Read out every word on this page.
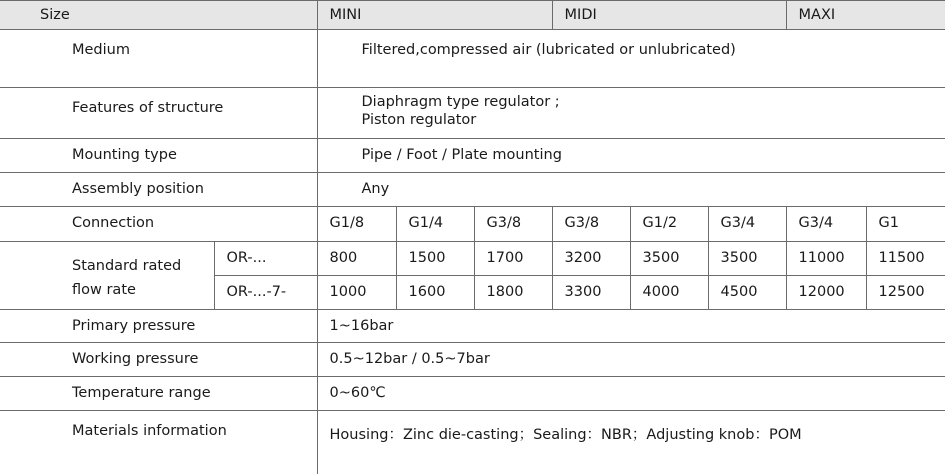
Size		MINI			MIDI			MAXI	
Medium		Filtered,compressed air (lubricated or unlubricated)							
Features of structure		Diaphragm type regulator ;
Piston regulator							

Mounting type		Pipe / Foot / Plate mounting							
Assembly position		Any							
Connection		G1/8	G1/4	G3/8	G3/8	G1/2	G3/4	G3/4	G1

Standard rated
flow rate	OR-...	800	1500	1700	3200	3500	3500	11000	11500
	OR-...-7-	1000	1600	1800	3300	4000	4500	12000	12500
Primary pressure		1~16bar							
Working pressure		0.5~12bar / 0.5~7bar							
Temperature range		0~60℃							
Materials information		Housing：Zinc die-casting；Sealing：NBR；Adjusting knob：POM							
